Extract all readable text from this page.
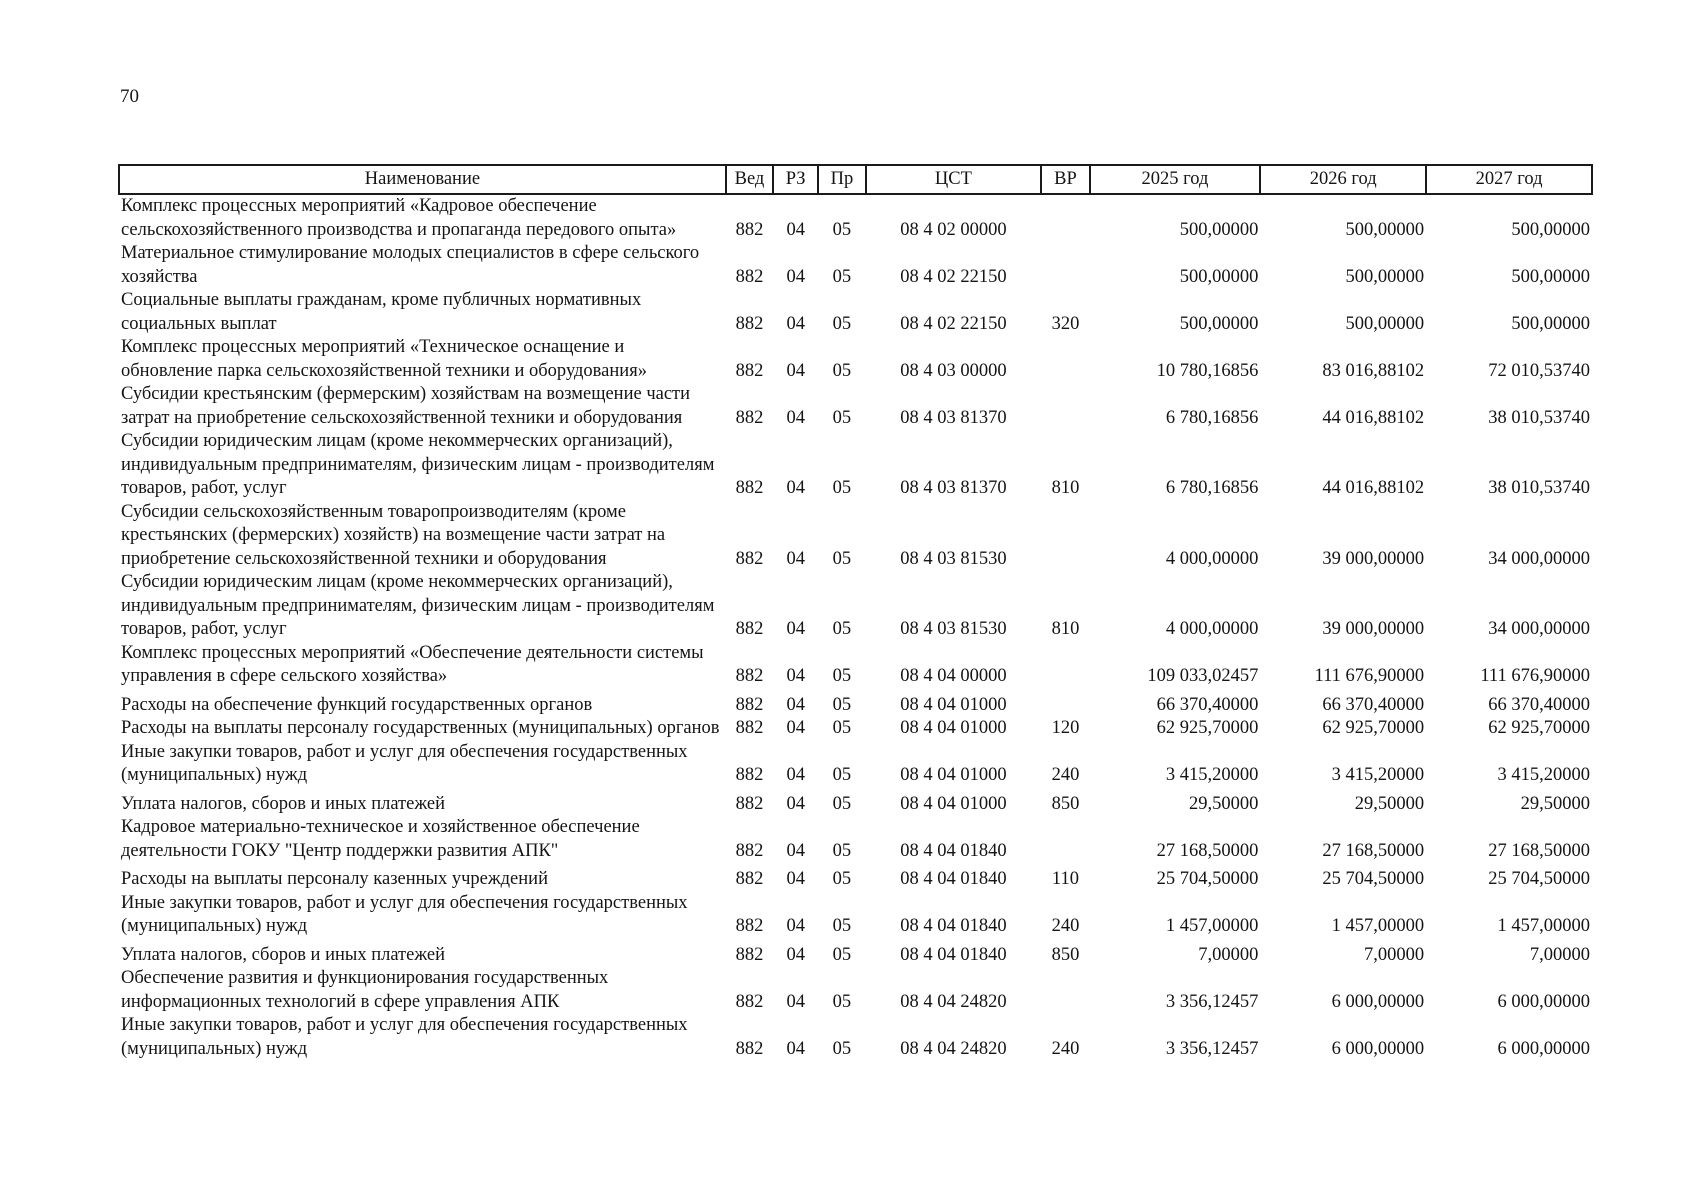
70
Наименование	Вед	РЗ	Пр	ЦСТ	ВР	2025 год	2026 год	2027 год
Комплекс процессных мероприятий «Кадровое обеспечение сельскохозяйственного производства и пропаганда передового опыта»	882	04	05	08 4 02 00000		500,00000	500,00000	500,00000
Материальное стимулирование молодых специалистов в сфере сельского хозяйства	882	04	05	08 4 02 22150		500,00000	500,00000	500,00000
Социальные выплаты гражданам, кроме публичных нормативных социальных выплат	882	04	05	08 4 02 22150	320	500,00000	500,00000	500,00000
Комплекс процессных мероприятий «Техническое оснащение и обновление парка сельскохозяйственной техники и оборудования»	882	04	05	08 4 03 00000		10 780,16856	83 016,88102	72 010,53740
Субсидии крестьянским (фермерским) хозяйствам на возмещение части затрат на приобретение сельскохозяйственной техники и оборудования	882	04	05	08 4 03 81370		6 780,16856	44 016,88102	38 010,53740
Субсидии юридическим лицам (кроме некоммерческих организаций), индивидуальным предпринимателям, физическим лицам - производителям товаров, работ, услуг	882	04	05	08 4 03 81370	810	6 780,16856	44 016,88102	38 010,53740
Субсидии сельскохозяйственным товаропроизводителям (кроме крестьянских (фермерских) хозяйств) на возмещение части затрат на приобретение сельскохозяйственной техники и оборудования	882	04	05	08 4 03 81530		4 000,00000	39 000,00000	34 000,00000
Субсидии юридическим лицам (кроме некоммерческих организаций), индивидуальным предпринимателям, физическим лицам - производителям товаров, работ, услуг	882	04	05	08 4 03 81530	810	4 000,00000	39 000,00000	34 000,00000
Комплекс процессных мероприятий «Обеспечение деятельности системы управления в сфере сельского хозяйства»	882	04	05	08 4 04 00000		109 033,02457	111 676,90000	111 676,90000
Расходы на обеспечение функций государственных органов	882	04	05	08 4 04 01000		66 370,40000	66 370,40000	66 370,40000
Расходы на выплаты персоналу государственных (муниципальных) органов	882	04	05	08 4 04 01000	120	62 925,70000	62 925,70000	62 925,70000
Иные закупки товаров, работ и услуг для обеспечения государственных (муниципальных) нужд	882	04	05	08 4 04 01000	240	3 415,20000	3 415,20000	3 415,20000
Уплата налогов, сборов и иных платежей	882	04	05	08 4 04 01000	850	29,50000	29,50000	29,50000
Кадровое материально-техническое и хозяйственное обеспечение деятельности ГОКУ "Центр поддержки развития АПК"	882	04	05	08 4 04 01840		27 168,50000	27 168,50000	27 168,50000
Расходы на выплаты персоналу казенных учреждений	882	04	05	08 4 04 01840	110	25 704,50000	25 704,50000	25 704,50000
Иные закупки товаров, работ и услуг для обеспечения государственных (муниципальных) нужд	882	04	05	08 4 04 01840	240	1 457,00000	1 457,00000	1 457,00000
Уплата налогов, сборов и иных платежей	882	04	05	08 4 04 01840	850	7,00000	7,00000	7,00000
Обеспечение развития и функционирования государственных информационных технологий в сфере управления АПК	882	04	05	08 4 04 24820		3 356,12457	6 000,00000	6 000,00000
Иные закупки товаров, работ и услуг для обеспечения государственных (муниципальных) нужд	882	04	05	08 4 04 24820	240	3 356,12457	6 000,00000	6 000,00000
